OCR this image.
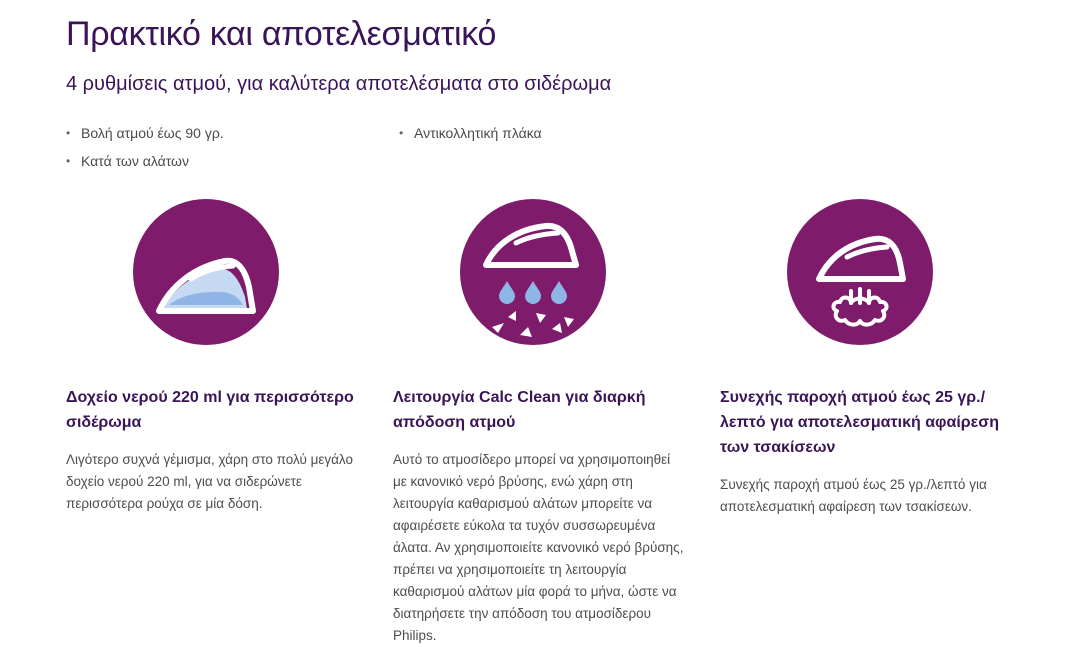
Πρακτικό και αποτελεσματικό
4 ρυθμίσεις ατμού, για καλύτερα αποτελέσματα στο σιδέρωμα
• Βολή ατμού έως 90 γρ.
• Κατά των αλάτων
• Αντικολλητική πλάκα
Δοχείο νερού 220 ml για περισσότερο σιδέρωμα

Λιγότερο συχνά γέμισμα, χάρη στο πολύ μεγάλο δοχείο νερού 220 ml, για να σιδερώνετε περισσότερα ρούχα σε μία δόση.

Λειτουργία Calc Clean για διαρκή απόδοση ατμού

Αυτό το ατμοσίδερο μπορεί να χρησιμοποιηθεί με κανονικό νερό βρύσης, ενώ χάρη στη λειτουργία καθαρισμού αλάτων μπορείτε να αφαιρέσετε εύκολα τα τυχόν συσσωρευμένα άλατα. Αν χρησιμοποιείτε κανονικό νερό βρύσης, πρέπει να χρησιμοποιείτε τη λειτουργία καθαρισμού αλάτων μία φορά το μήνα, ώστε να διατηρήσετε την απόδοση του ατμοσίδερου Philips.

Συνεχής παροχή ατμού έως 25 γρ./λεπτό για αποτελεσματική αφαίρεση των τσακίσεων

Συνεχής παροχή ατμού έως 25 γρ./λεπτό για αποτελεσματική αφαίρεση των τσακίσεων.
